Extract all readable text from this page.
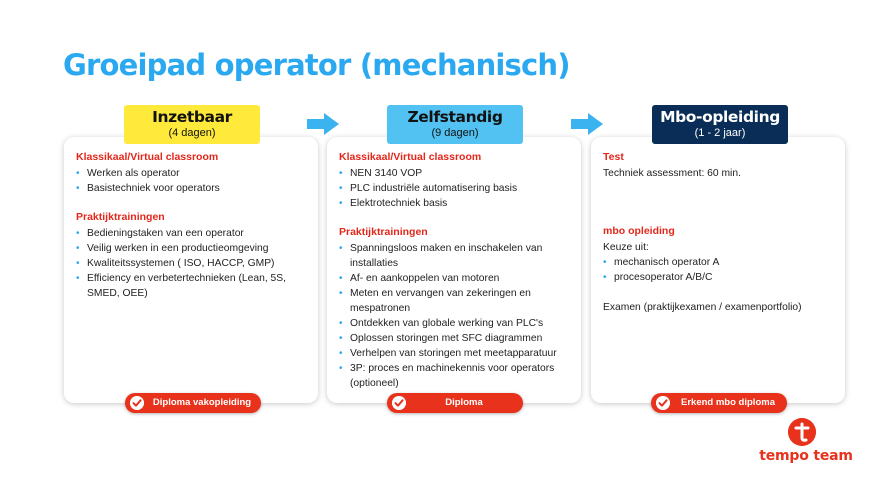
Groeipad operator (mechanisch)
Inzetbaar
(4 dagen)
Zelfstandig
(9 dagen)
Mbo-opleiding
(1 - 2 jaar)
Klassikaal/Virtual classroom
• Werken als operator
• Basistechniek voor operators
Praktijktrainingen
• Bedieningstaken van een operator
• Veilig werken in een productieomgeving
• Kwaliteitssystemen ( ISO, HACCP, GMP)
• Efficiency en verbetertechnieken (Lean, 5S, SMED, OEE)
Klassikaal/Virtual classroom
• NEN 3140 VOP
• PLC industriële automatisering basis
• Elektrotechniek basis
Praktijktrainingen
• Spanningsloos maken en inschakelen van installaties
• Af- en aankoppelen van motoren
• Meten en vervangen van zekeringen en mespatronen
• Ontdekken van globale werking van PLC's
• Oplossen storingen met SFC diagrammen
• Verhelpen van storingen met meetapparatuur
• 3P: proces en machinekennis voor operators (optioneel)
Test
Techniek assessment: 60 min.
mbo opleiding
Keuze uit:
• mechanisch operator A
• procesoperator A/B/C
Examen (praktijkexamen / examenportfolio)
Diploma vakopleiding	Diploma beroepsopleiding
Erkend mbo diploma
tempo team
